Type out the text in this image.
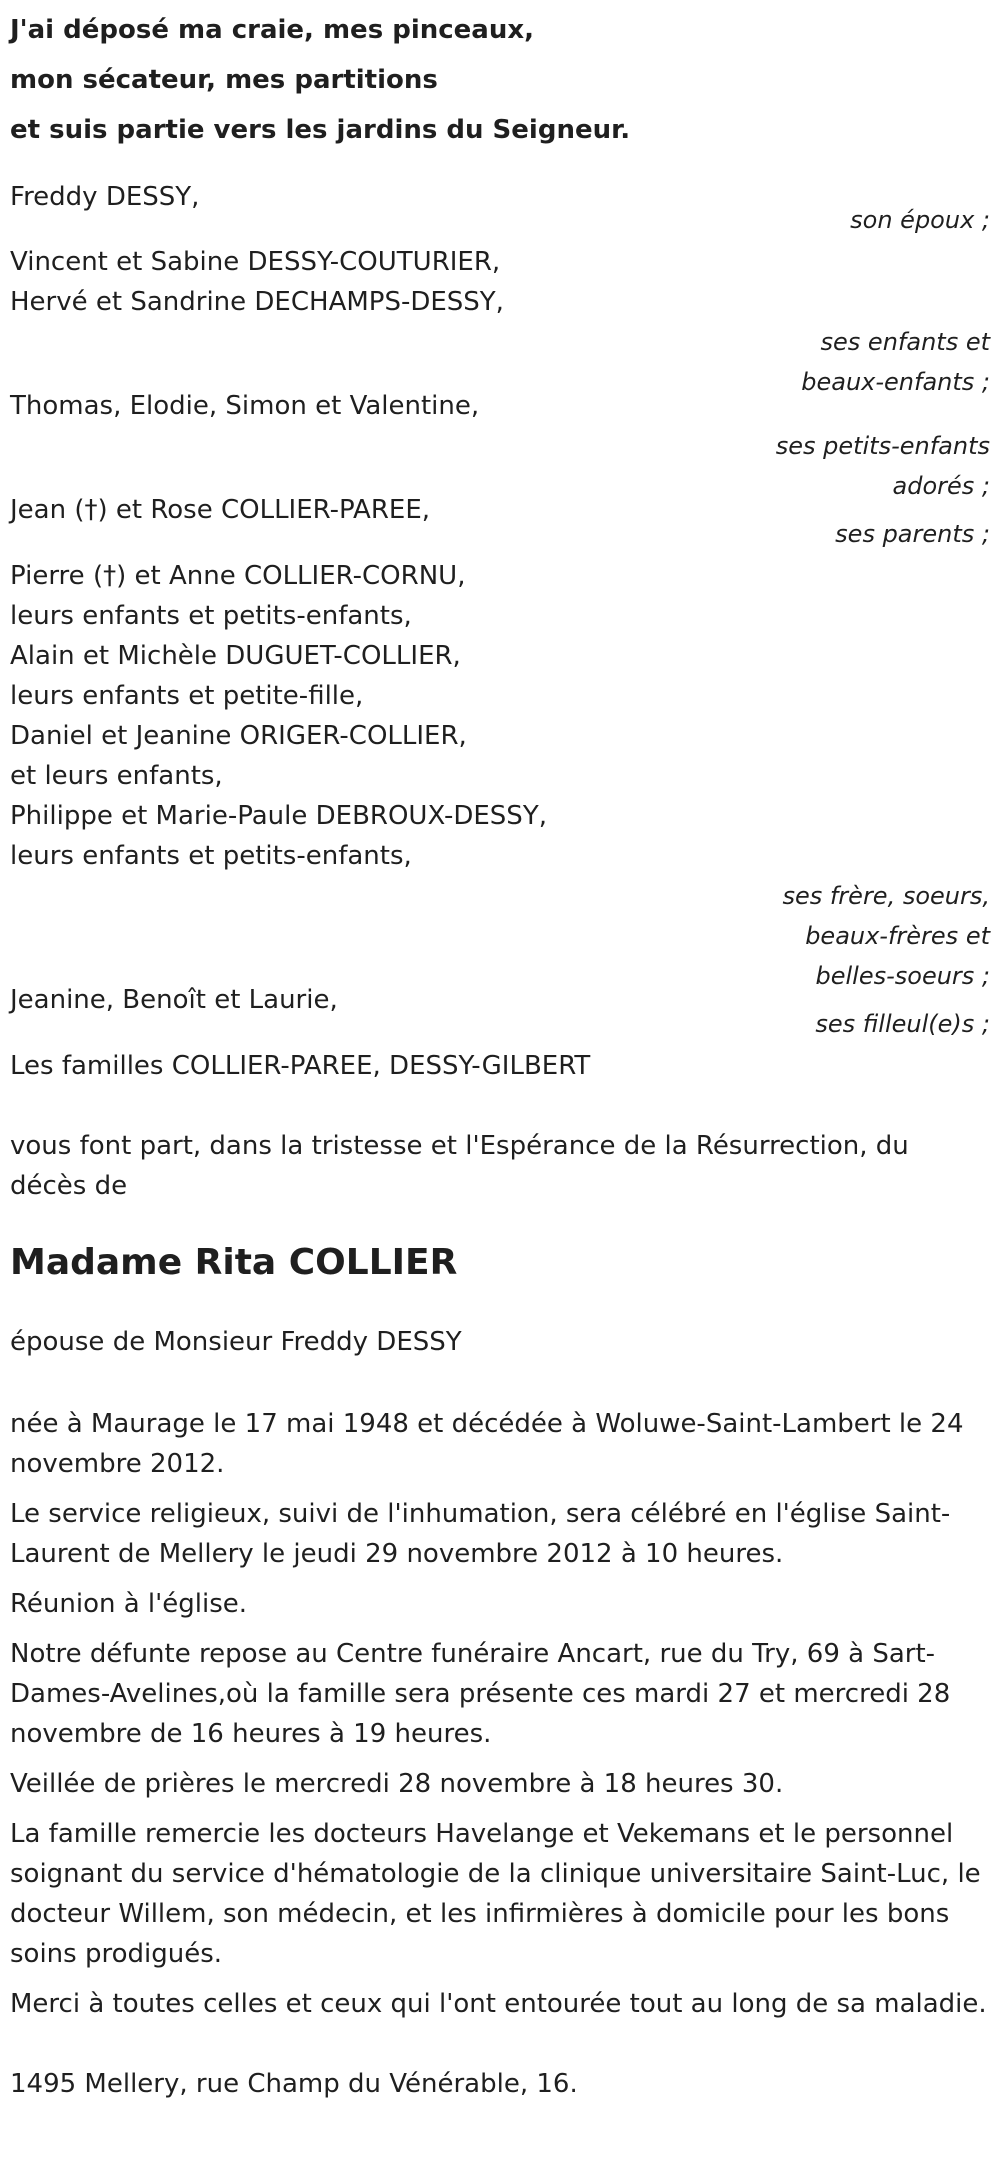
J'ai déposé ma craie, mes pinceaux,
mon sécateur, mes partitions
et suis partie vers les jardins du Seigneur.
Freddy DESSY,
son époux ;
Vincent et Sabine DESSY-COUTURIER,
Hervé et Sandrine DECHAMPS-DESSY,
ses enfants et
beaux-enfants ;
Thomas, Elodie, Simon et Valentine,
ses petits-enfants
adorés ;
Jean (†) et Rose COLLIER-PAREE,
ses parents ;
Pierre (†) et Anne COLLIER-CORNU,
leurs enfants et petits-enfants,
Alain et Michèle DUGUET-COLLIER,
leurs enfants et petite-fille,
Daniel et Jeanine ORIGER-COLLIER,
et leurs enfants,
Philippe et Marie-Paule DEBROUX-DESSY,
leurs enfants et petits-enfants,
ses frère, soeurs,
beaux-frères et
belles-soeurs ;
Jeanine, Benoît et Laurie,
ses filleul(e)s ;
Les familles COLLIER-PAREE, DESSY-GILBERT
vous font part, dans la tristesse et l'Espérance de la Résurrection, du décès de
Madame Rita COLLIER
épouse de Monsieur Freddy DESSY

née à Maurage le 17 mai 1948 et décédée à Woluwe-Saint-Lambert le 24 novembre 2012.

Le service religieux, suivi de l'inhumation, sera célébré en l'église Saint-Laurent de Mellery le jeudi 29 novembre 2012 à 10 heures.

Réunion à l'église.

Notre défunte repose au Centre funéraire Ancart, rue du Try, 69 à Sart-Dames-Avelines,où la famille sera présente ces mardi 27 et mercredi 28 novembre de 16 heures à 19 heures.

Veillée de prières le mercredi 28 novembre à 18 heures 30.

La famille remercie les docteurs Havelange et Vekemans et le personnel soignant du service d'hématologie de la clinique universitaire Saint-Luc, le docteur Willem, son médecin, et les infirmières à domicile pour les bons soins prodigués.

Merci à toutes celles et ceux qui l'ont entourée tout au long de sa maladie.

1495 Mellery, rue Champ du Vénérable, 16.
